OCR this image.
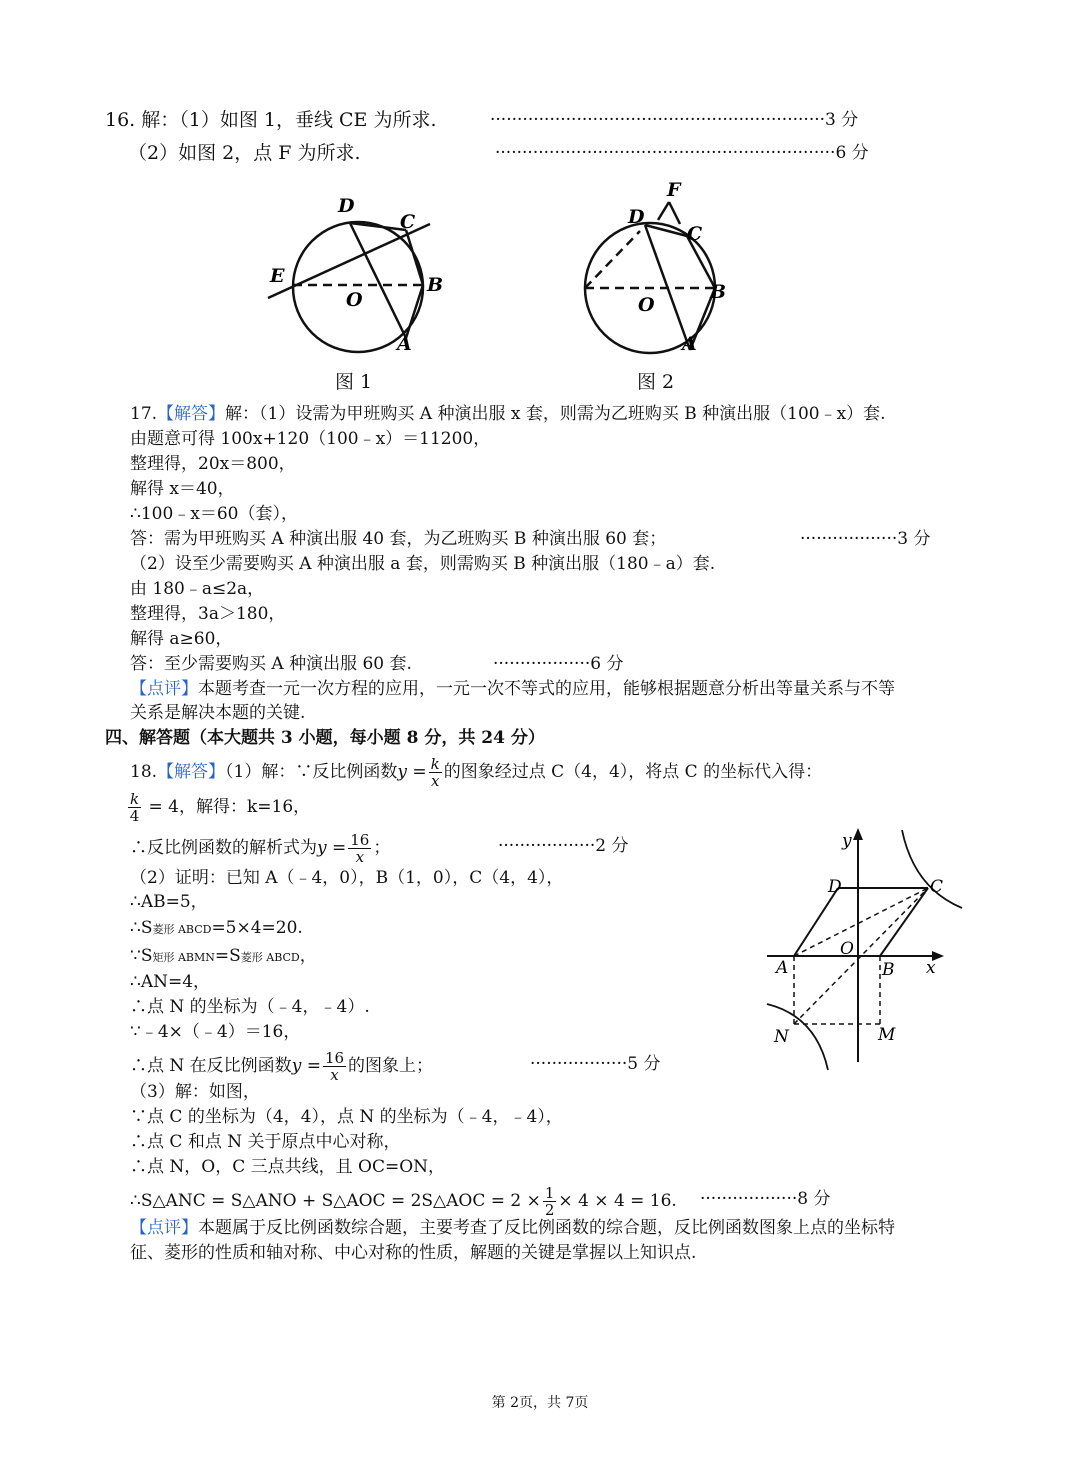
16. 解：（1）如图 1，垂线 CE 为所求.	······························································3 分
（2）如图 2，点 F 为所求.	·······························································6 分
D
C
E
O
B
A
图 1
F
D
C
O
B
A
图 2
17.【解答】解：（1）设需为甲班购买 A 种演出服 x 套，则需为乙班购买 B 种演出服（100﹣x）套.
由题意可得 100x+120（100﹣x）＝11200，
整理得，20x＝800，
解得 x＝40，
∴100﹣x＝60（套），
答：需为甲班购买 A 种演出服 40 套，为乙班购买 B 种演出服 60 套；	··················3 分
（2）设至少需要购买 A 种演出服 a 套，则需购买 B 种演出服（180﹣a）套.
由 180﹣a≤2a，
整理得，3a＞180，
解得 a≥60，
答：至少需要购买 A 种演出服 60 套.	··················6 分
【点评】本题考查一元一次方程的应用，一元一次不等式的应用，能够根据题意分析出等量关系与不等
关系是解决本题的关键.
四、解答题（本大题共 3 小题，每小题 8 分，共 24 分）
18.【解答】（1）解：∵反比例函数$y = \frac{k}{x}$ 的图象经过点 C（4，4），将点 C 的坐标代入得：
$\frac{k}{4} = 4$，解得：k=16，
∴反比例函数的解析式为$y = \frac{16}{x}$ ；	··················2 分
（2）证明：已知 A（﹣4，0），B（1，0），C（4，4），
∴AB=5，
∴S菱形 ABCD=5×4=20.
∵S矩形 ABMN=S菱形 ABCD，
∴AN=4，
∴点 N 的坐标为（﹣4，﹣4）.
∵﹣4×（﹣4）＝16，
∴点 N 在反比例函数$y = \frac{16}{x}$ 的图象上；	··················5 分
（3）解：如图，
∵点 C 的坐标为（4，4），点 N 的坐标为（﹣4，﹣4），
∴点 C 和点 N 关于原点中心对称，
∴点 N，O，C 三点共线，且 OC=ON，
∴S△ANC = S△ANO + S△AOC = 2S△AOC = $2 \times \frac{1}{2} \times 4 \times 4 = 16$. ··················8 分
【点评】本题属于反比例函数综合题，主要考查了反比例函数的综合题，反比例函数图象上点的坐标特
征、菱形的性质和轴对称、中心对称的性质，解题的关键是掌握以上知识点.
y
D	C
O
A	B x
N	M
第 2页，共 7页
